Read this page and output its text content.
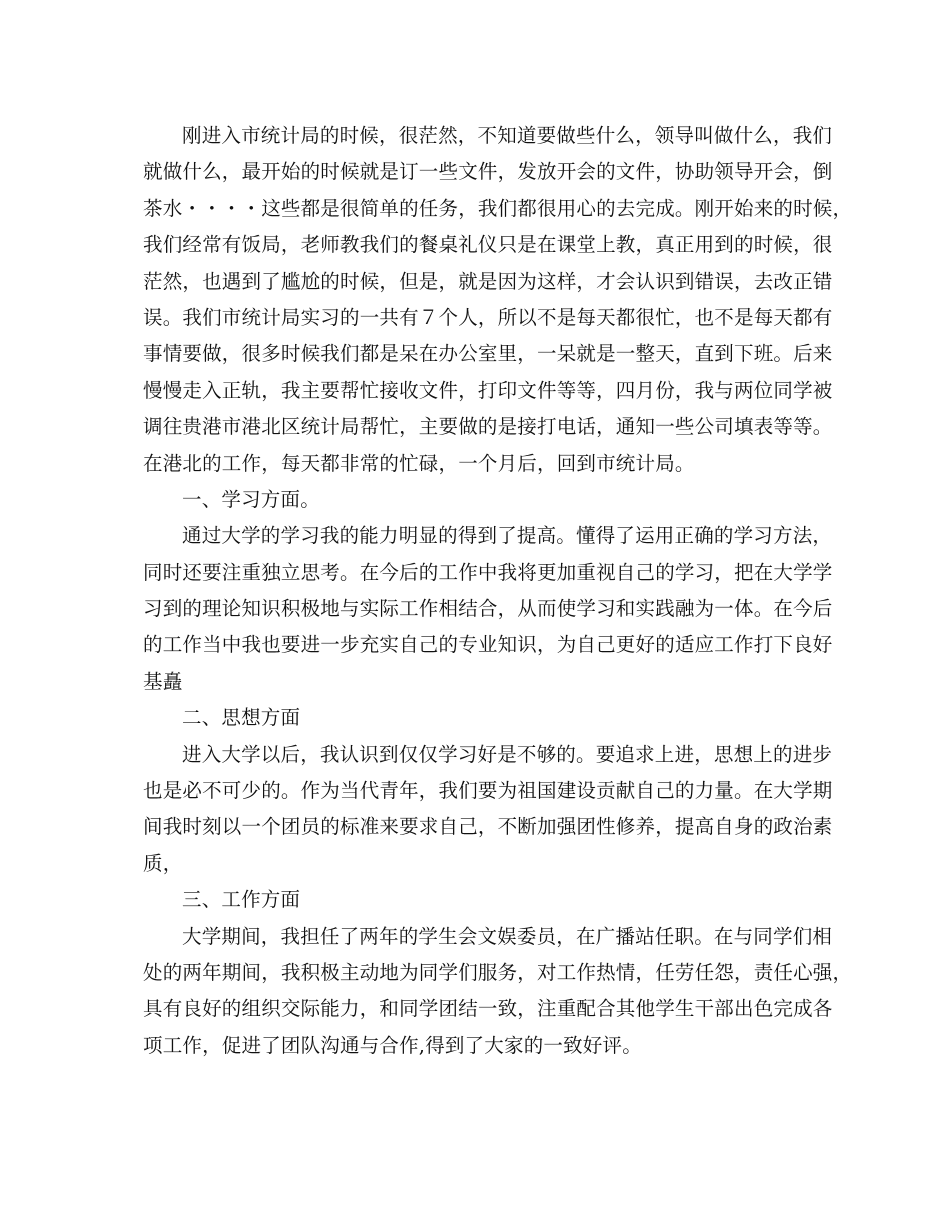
刚进入市统计局的时候，很茫然，不知道要做些什么，领导叫做什么，我们
就做什么，最开始的时候就是订一些文件，发放开会的文件，协助领导开会，倒
茶水・・・・这些都是很简单的任务，我们都很用心的去完成。刚开始来的时候，
我们经常有饭局，老师教我们的餐桌礼仪只是在课堂上教，真正用到的时候，很
茫然，也遇到了尴尬的时候，但是，就是因为这样，才会认识到错误，去改正错
误。我们市统计局实习的一共有７个人，所以不是每天都很忙，也不是每天都有
事情要做，很多时候我们都是呆在办公室里，一呆就是一整天，直到下班。后来
慢慢走入正轨，我主要帮忙接收文件，打印文件等等，四月份，我与两位同学被
调往贵港市港北区统计局帮忙，主要做的是接打电话，通知一些公司填表等等。
在港北的工作，每天都非常的忙碌，一个月后，回到市统计局。
一、学习方面。
通过大学的学习我的能力明显的得到了提高。懂得了运用正确的学习方法，
同时还要注重独立思考。在今后的工作中我将更加重视自己的学习，把在大学学
习到的理论知识积极地与实际工作相结合，从而使学习和实践融为一体。在今后
的工作当中我也要进一步充实自己的专业知识，为自己更好的适应工作打下良好
基矗
二、思想方面
进入大学以后，我认识到仅仅学习好是不够的。要追求上进，思想上的进步
也是必不可少的。作为当代青年，我们要为祖国建设贡献自己的力量。在大学期
间我时刻以一个团员的标准来要求自己，不断加强团性修养，提高自身的政治素
质，
三、工作方面
大学期间，我担任了两年的学生会文娱委员，在广播站任职。在与同学们相
处的两年期间，我积极主动地为同学们服务，对工作热情，任劳任怨，责任心强，
具有良好的组织交际能力，和同学团结一致，注重配合其他学生干部出色完成各
项工作，促进了团队沟通与合作,得到了大家的一致好评。
